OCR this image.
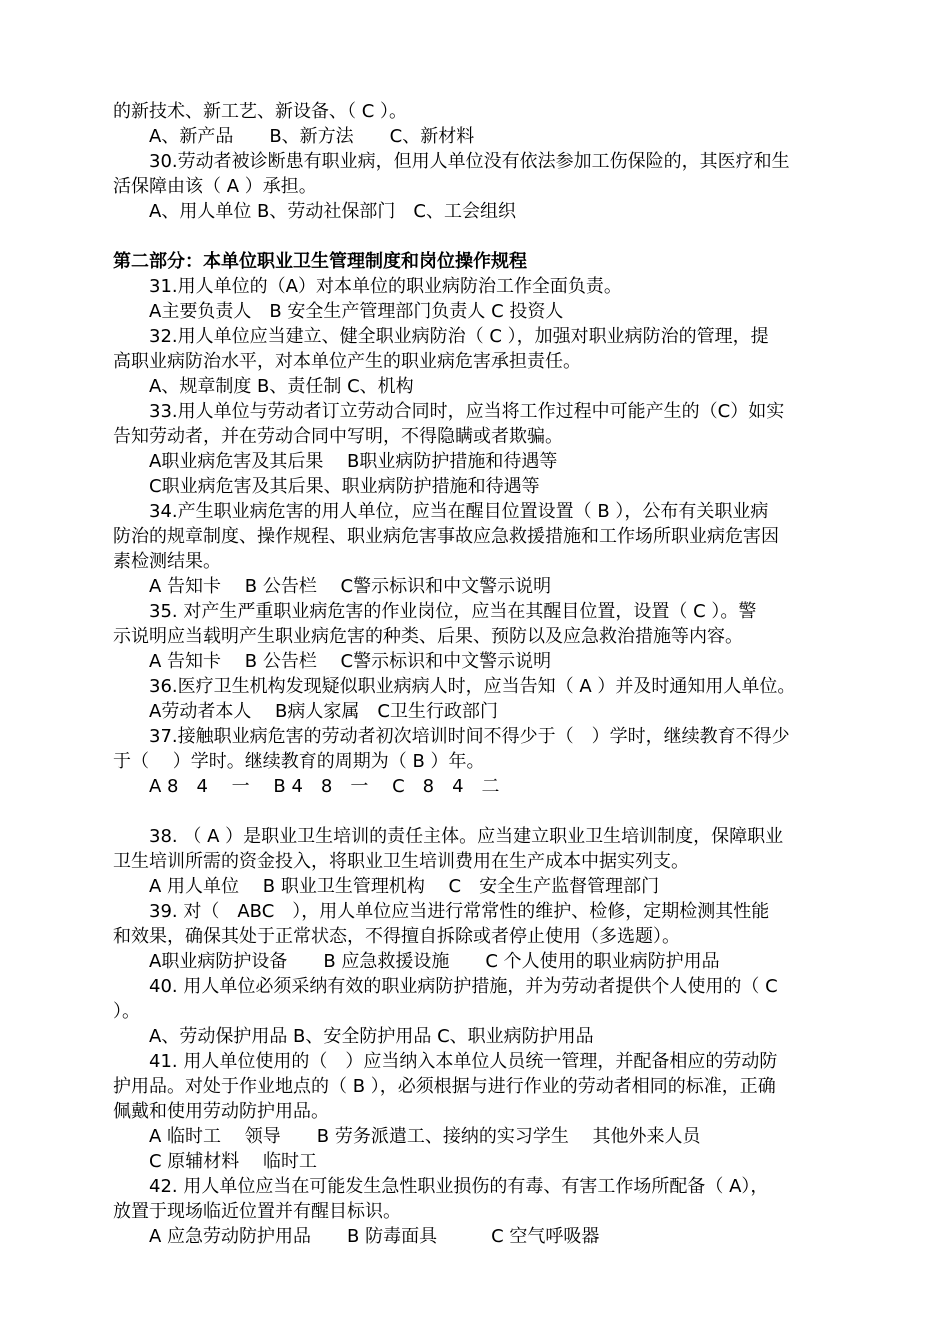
的新技术、新工艺、新设备、（ C ）。
A、新产品　　B、新方法　　C、新材料
30.劳动者被诊断患有职业病，但用人单位没有依法参加工伤保险的，其医疗和生
活保障由该（ A ）承担。
A、用人单位 B、劳动社保部门　C、工会组织
第二部分：本单位职业卫生管理制度和岗位操作规程
31.用人单位的（A）对本单位的职业病防治工作全面负责。
A主要负责人　B 安全生产管理部门负责人 C 投资人
32.用人单位应当建立、健全职业病防治（ C ），加强对职业病防治的管理，提
高职业病防治水平，对本单位产生的职业病危害承担责任。
A、规章制度 B、责任制 C、机构
33.用人单位与劳动者订立劳动合同时，应当将工作过程中可能产生的（C）如实
告知劳动者，并在劳动合同中写明，不得隐瞒或者欺骗。
A职业病危害及其后果　 B职业病防护措施和待遇等
C职业病危害及其后果、职业病防护措施和待遇等
34.产生职业病危害的用人单位，应当在醒目位置设置（ B ），公布有关职业病
防治的规章制度、操作规程、职业病危害事故应急救援措施和工作场所职业病危害因
素检测结果。
A 告知卡　 B 公告栏　 C警示标识和中文警示说明
35. 对产生严重职业病危害的作业岗位，应当在其醒目位置，设置（ C ）。警
示说明应当载明产生职业病危害的种类、后果、预防以及应急救治措施等内容。
A 告知卡　 B 公告栏　 C警示标识和中文警示说明
36.医疗卫生机构发现疑似职业病病人时，应当告知（ A ）并及时通知用人单位。
A劳动者本人　 B病人家属　C卫生行政部门
37.接触职业病危害的劳动者初次培训时间不得少于（　）学时，继续教育不得少
于（　 ）学时。继续教育的周期为（ B ）年。
A 8　4　 一　 B 4　8　一　 C　8　4　二
38. （ A ）是职业卫生培训的责任主体。应当建立职业卫生培训制度，保障职业
卫生培训所需的资金投入，将职业卫生培训费用在生产成本中据实列支。
A 用人单位　 B 职业卫生管理机构　 C　安全生产监督管理部门
39. 对（　ABC　），用人单位应当进行常常性的维护、检修，定期检测其性能
和效果，确保其处于正常状态，不得擅自拆除或者停止使用（多选题）。
A职业病防护设备　　B 应急救援设施　　C 个人使用的职业病防护用品
40. 用人单位必须采纳有效的职业病防护措施，并为劳动者提供个人使用的（ C
）。
A、劳动保护用品 B、安全防护用品 C、职业病防护用品
41. 用人单位使用的（　）应当纳入本单位人员统一管理，并配备相应的劳动防
护用品。对处于作业地点的（ B ），必须根据与进行作业的劳动者相同的标准，正确
佩戴和使用劳动防护用品。
A 临时工　 领导　　B 劳务派遣工、接纳的实习学生　 其他外来人员
C 原辅材料　 临时工
42. 用人单位应当在可能发生急性职业损伤的有毒、有害工作场所配备（ A），
放置于现场临近位置并有醒目标识。
A 应急劳动防护用品　　B 防毒面具　　　C 空气呼吸器
